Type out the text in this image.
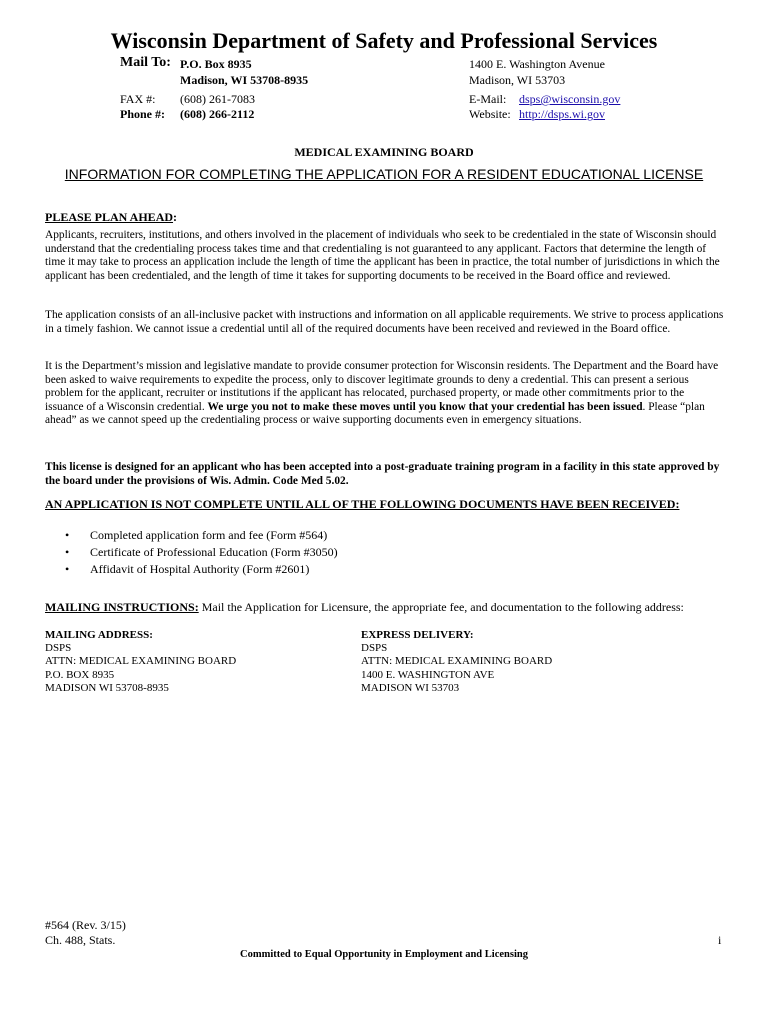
Wisconsin Department of Safety and Professional Services
Mail To: P.O. Box 8935
Madison, WI 53708-8935
1400 E. Washington Avenue
Madison, WI 53703
FAX #: (608) 261-7083
Phone #: (608) 266-2112
E-Mail: dsps@wisconsin.gov
Website: http://dsps.wi.gov
MEDICAL EXAMINING BOARD
INFORMATION FOR COMPLETING THE APPLICATION FOR A RESIDENT EDUCATIONAL LICENSE
PLEASE PLAN AHEAD:
Applicants, recruiters, institutions, and others involved in the placement of individuals who seek to be credentialed in the state of Wisconsin should understand that the credentialing process takes time and that credentialing is not guaranteed to any applicant. Factors that determine the length of time it may take to process an application include the length of time the applicant has been in practice, the total number of jurisdictions in which the applicant has been credentialed, and the length of time it takes for supporting documents to be received in the Board office and reviewed.
The application consists of an all-inclusive packet with instructions and information on all applicable requirements. We strive to process applications in a timely fashion. We cannot issue a credential until all of the required documents have been received and reviewed in the Board office.
It is the Department’s mission and legislative mandate to provide consumer protection for Wisconsin residents. The Department and the Board have been asked to waive requirements to expedite the process, only to discover legitimate grounds to deny a credential. This can present a serious problem for the applicant, recruiter or institutions if the applicant has relocated, purchased property, or made other commitments prior to the issuance of a Wisconsin credential. We urge you not to make these moves until you know that your credential has been issued. Please “plan ahead” as we cannot speed up the credentialing process or waive supporting documents even in emergency situations.
This license is designed for an applicant who has been accepted into a post-graduate training program in a facility in this state approved by the board under the provisions of Wis. Admin. Code Med 5.02.
AN APPLICATION IS NOT COMPLETE UNTIL ALL OF THE FOLLOWING DOCUMENTS HAVE BEEN RECEIVED:
• Completed application form and fee (Form #564)
• Certificate of Professional Education (Form #3050)
• Affidavit of Hospital Authority (Form #2601)
MAILING INSTRUCTIONS: Mail the Application for Licensure, the appropriate fee, and documentation to the following address:
MAILING ADDRESS:
DSPS
ATTN: MEDICAL EXAMINING BOARD
P.O. BOX 8935
MADISON WI 53708-8935
EXPRESS DELIVERY:
DSPS
ATTN: MEDICAL EXAMINING BOARD
1400 E. WASHINGTON AVE
MADISON WI 53703
#564 (Rev. 3/15)
Ch. 488, Stats.	i
Committed to Equal Opportunity in Employment and Licensing
